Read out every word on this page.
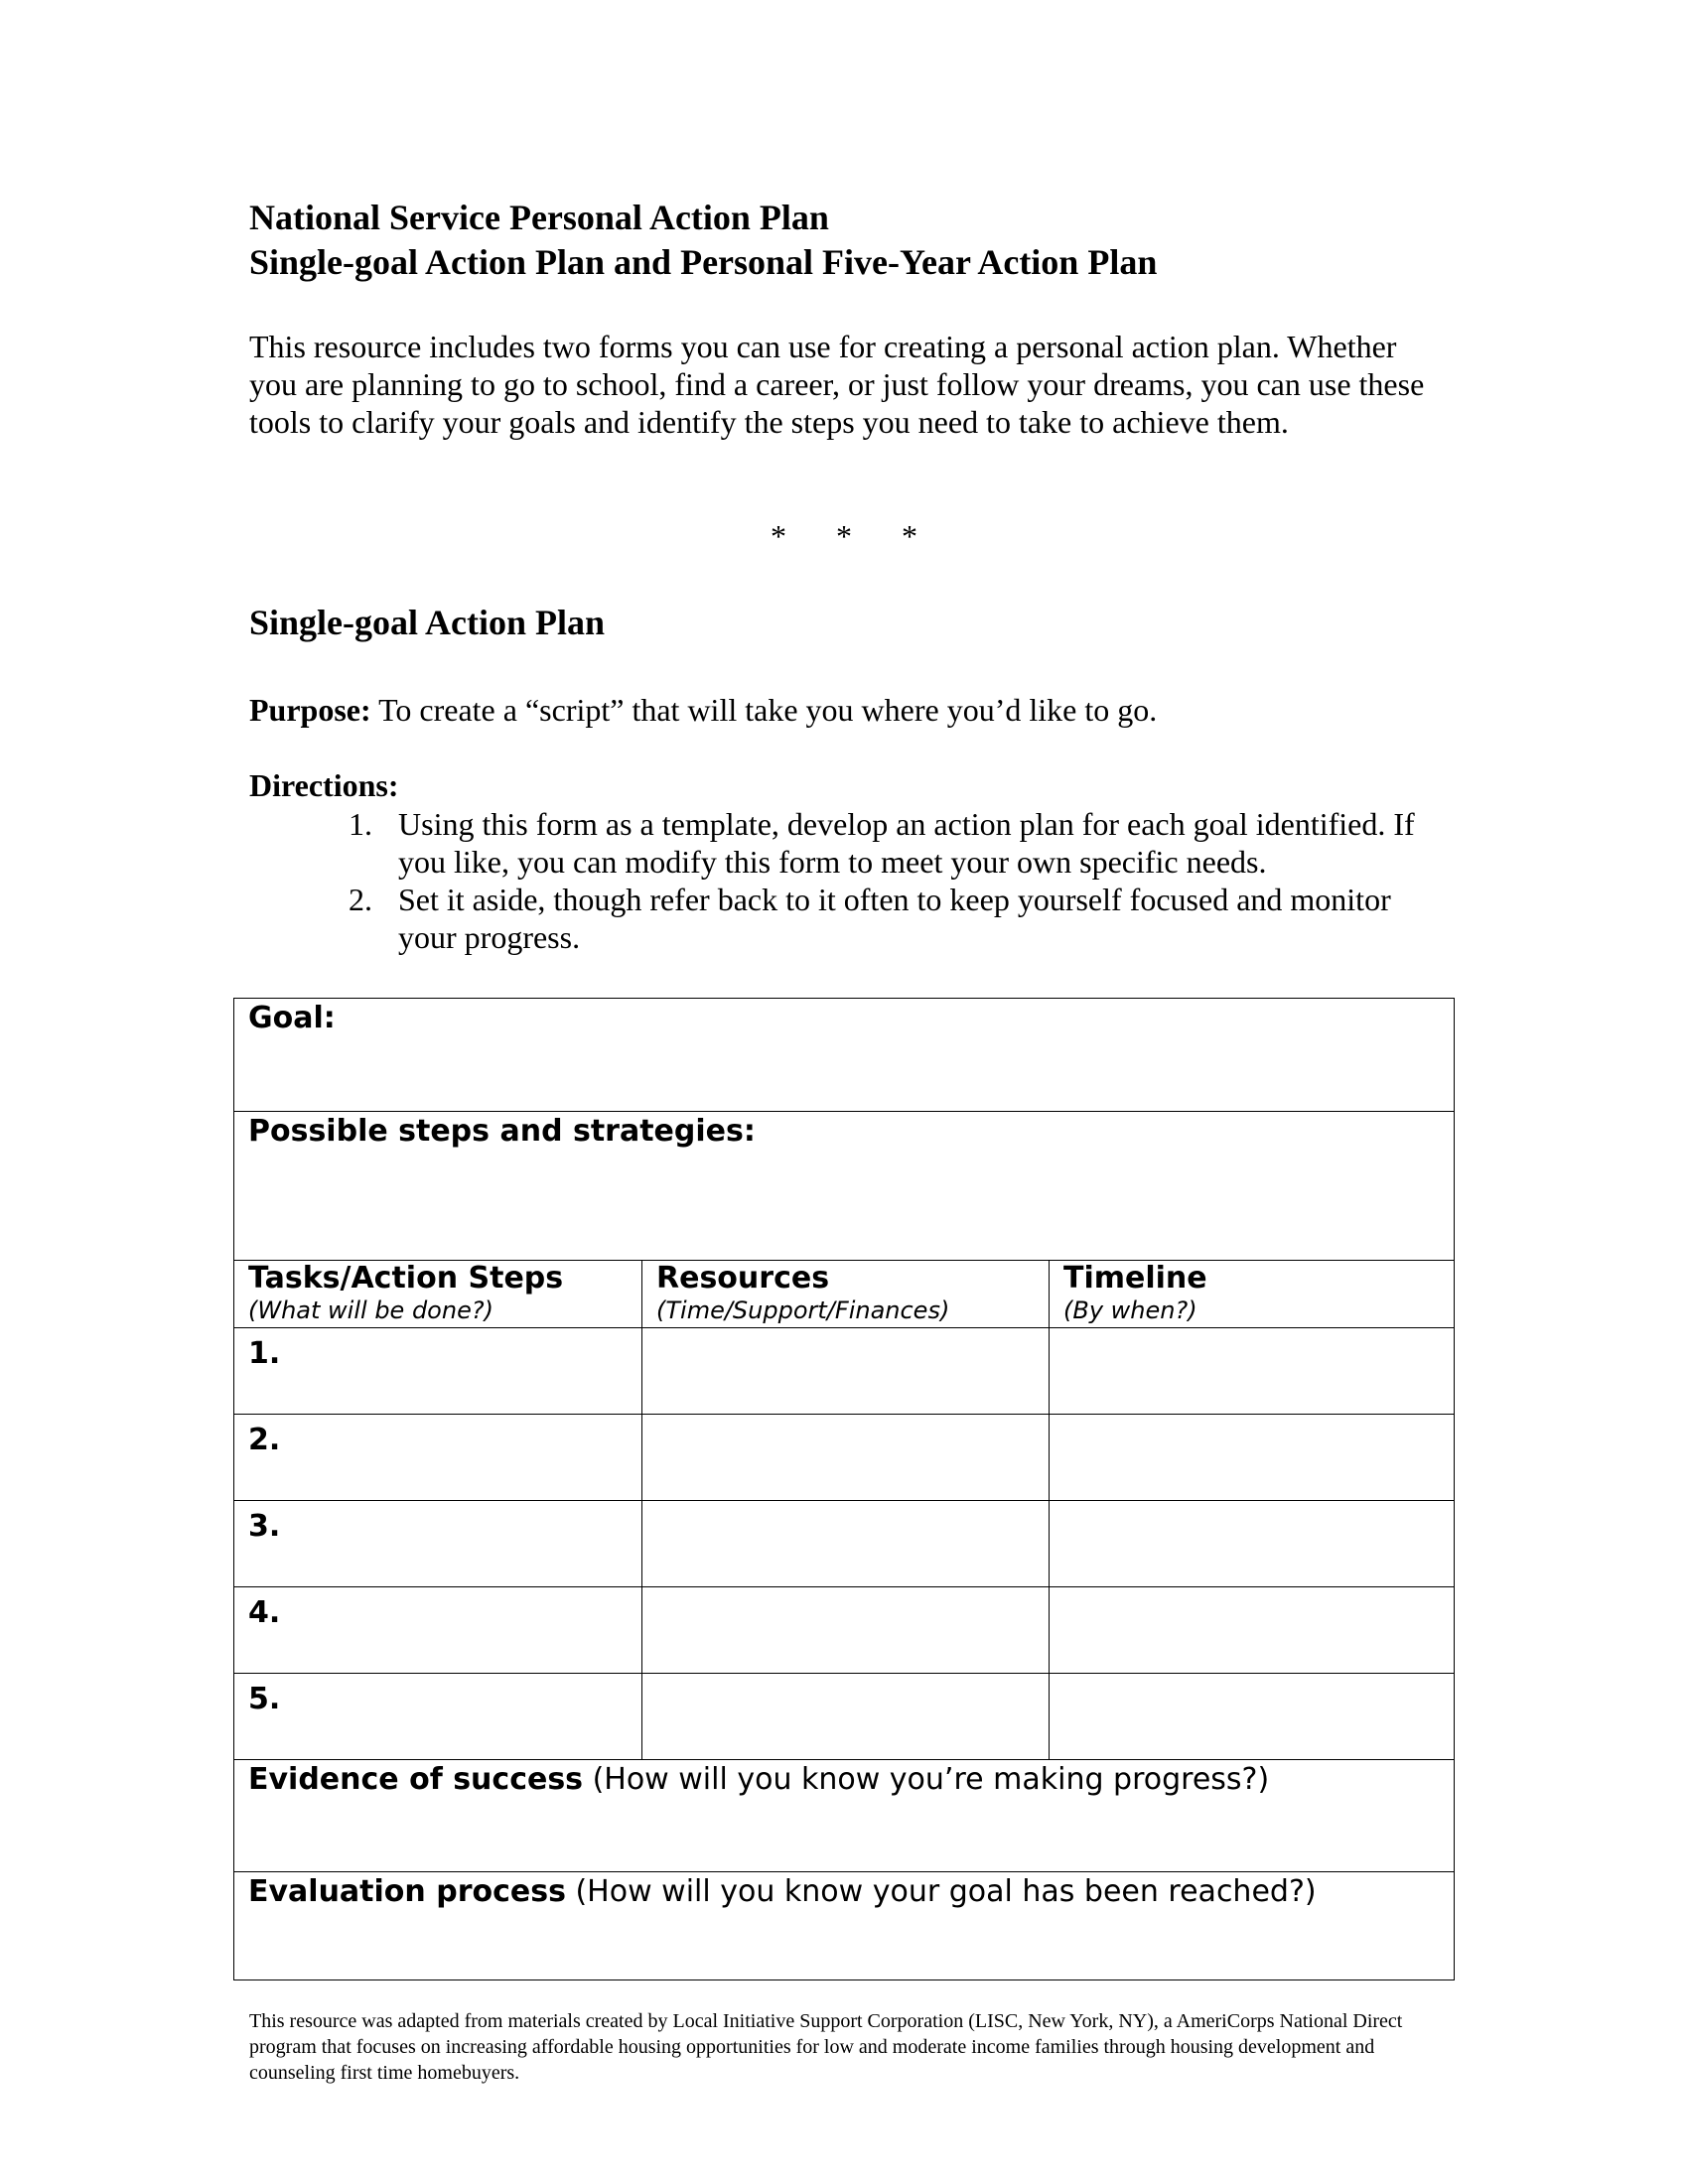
National Service Personal Action Plan
Single-goal Action Plan and Personal Five-Year Action Plan

This resource includes two forms you can use for creating a personal action plan. Whether you are planning to go to school, find a career, or just follow your dreams, you can use these tools to clarify your goals and identify the steps you need to take to achieve them.

* * *

Single-goal Action Plan

Purpose: To create a “script” that will take you where you’d like to go.

Directions:

1. Using this form as a template, develop an action plan for each goal identified. If you like, you can modify this form to meet your own specific needs.
2. Set it aside, though refer back to it often to keep yourself focused and monitor your progress.
Goal:
Possible steps and strategies:
Tasks/Action Steps
(What will be done?)
Resources
(Time/Support/Finances)
Timeline
(By when?)
1.
2.
3.
4.
5.
Evidence of success (How will you know you’re making progress?)
Evaluation process (How will you know your goal has been reached?)

This resource was adapted from materials created by Local Initiative Support Corporation (LISC, New York, NY), a AmeriCorps National Direct program that focuses on increasing affordable housing opportunities for low and moderate income families through housing development and counseling first time homebuyers.
